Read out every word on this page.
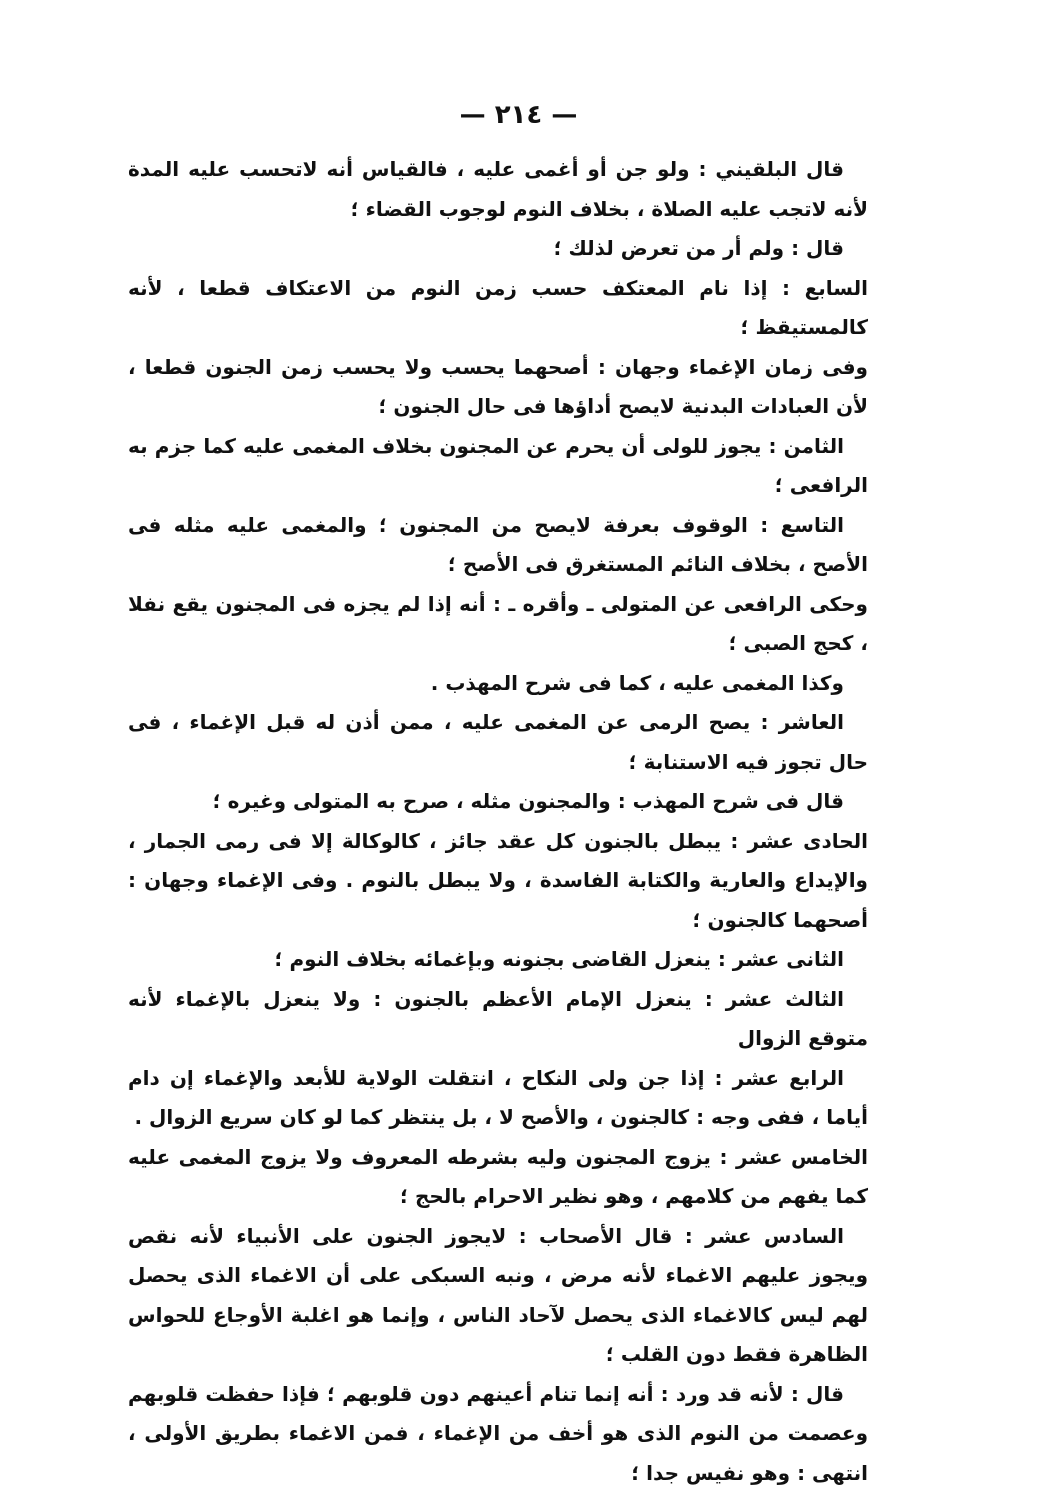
— ٢١٤ —

قال البلقيني : ولو جن أو أغمى عليه ، فالقياس أنه لاتحسب عليه المدة لأنه لاتجب عليه الصلاة ، بخلاف النوم لوجوب القضاء ؛

قال : ولم أر من تعرض لذلك ؛

السابع : إذا نام المعتكف حسب زمن النوم من الاعتكاف قطعا ، لأنه كالمستيقظ ؛

وفى زمان الإغماء وجهان : أصحهما يحسب ولا يحسب زمن الجنون قطعا ، لأن العبادات البدنية لايصح أداؤها فى حال الجنون ؛

الثامن : يجوز للولى أن يحرم عن المجنون بخلاف المغمى عليه كما جزم به الرافعى ؛

التاسع : الوقوف بعرفة لايصح من المجنون ؛ والمغمى عليه مثله فى الأصح ، بخلاف النائم المستغرق فى الأصح ؛

وحكى الرافعى عن المتولى ـ وأقره ـ : أنه إذا لم يجزه فى المجنون يقع نفلا ، كحج الصبى ؛

وكذا المغمى عليه ، كما فى شرح المهذب .

العاشر : يصح الرمى عن المغمى عليه ، ممن أذن له قبل الإغماء ، فى حال تجوز فيه الاستنابة ؛

قال فى شرح المهذب : والمجنون مثله ، صرح به المتولى وغيره ؛

الحادى عشر : يبطل بالجنون كل عقد جائز ، كالوكالة إلا فى رمى الجمار ، والإيداع والعارية والكتابة الفاسدة ، ولا يبطل بالنوم . وفى الإغماء وجهان : أصحهما كالجنون ؛

الثانى عشر : ينعزل القاضى بجنونه وبإغمائه بخلاف النوم ؛

الثالث عشر : ينعزل الإمام الأعظم بالجنون : ولا ينعزل بالإغماء لأنه متوقع الزوال

الرابع عشر : إذا جن ولى النكاح ، انتقلت الولاية للأبعد والإغماء إن دام أياما ، ففى وجه : كالجنون ، والأصح لا ، بل ينتظر كما لو كان سريع الزوال .

الخامس عشر : يزوج المجنون وليه بشرطه المعروف ولا يزوج المغمى عليه كما يفهم من كلامهم ، وهو نظير الاحرام بالحج ؛

السادس عشر : قال الأصحاب : لايجوز الجنون على الأنبياء لأنه نقص ويجوز عليهم الاغماء لأنه مرض ، ونبه السبكى على أن الاغماء الذى يحصل لهم ليس كالاغماء الذى يحصل لآحاد الناس ، وإنما هو اغلبة الأوجاع للحواس الظاهرة فقط دون القلب ؛

قال : لأنه قد ورد : أنه إنما تنام أعينهم دون قلوبهم ؛ فإذا حفظت قلوبهم وعصمت من النوم الذى هو أخف من الإغماء ، فمن الاغماء بطريق الأولى ، انتهى : وهو نفيس جدا ؛
